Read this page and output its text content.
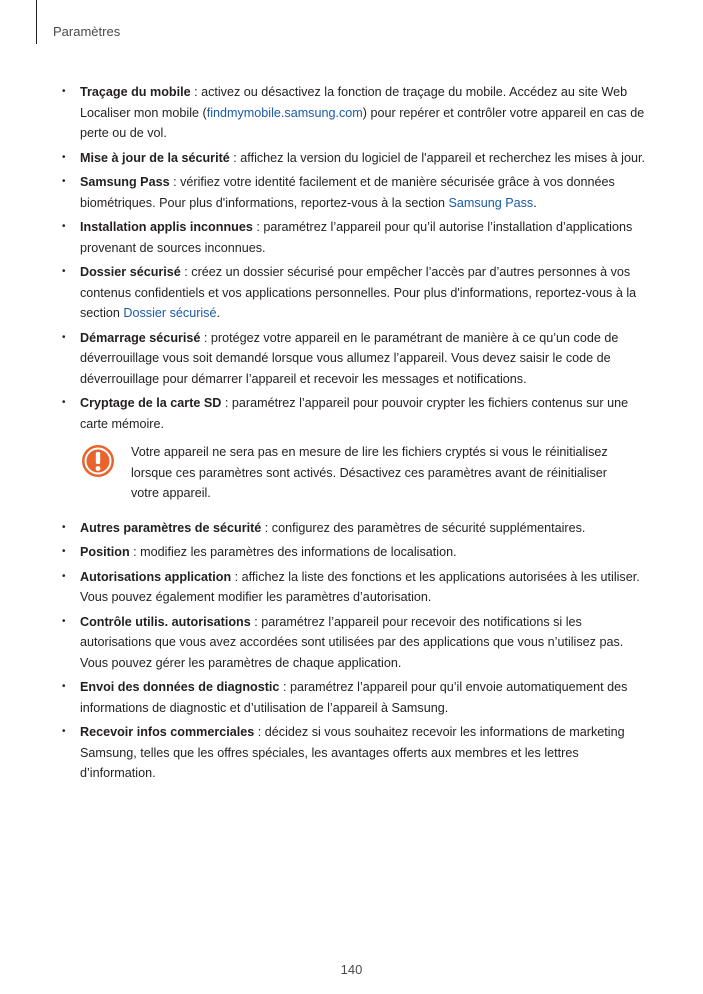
Paramètres
• Traçage du mobile : activez ou désactivez la fonction de traçage du mobile. Accédez au site Web Localiser mon mobile (findmymobile.samsung.com) pour repérer et contrôler votre appareil en cas de perte ou de vol.
• Mise à jour de la sécurité : affichez la version du logiciel de l'appareil et recherchez les mises à jour.
• Samsung Pass : vérifiez votre identité facilement et de manière sécurisée grâce à vos données biométriques. Pour plus d'informations, reportez-vous à la section Samsung Pass.
• Installation applis inconnues : paramétrez l’appareil pour qu’il autorise l’installation d’applications provenant de sources inconnues.
• Dossier sécurisé : créez un dossier sécurisé pour empêcher l’accès par d’autres personnes à vos contenus confidentiels et vos applications personnelles. Pour plus d'informations, reportez-vous à la section Dossier sécurisé.
• Démarrage sécurisé : protégez votre appareil en le paramétrant de manière à ce qu’un code de déverrouillage vous soit demandé lorsque vous allumez l’appareil. Vous devez saisir le code de déverrouillage pour démarrer l’appareil et recevoir les messages et notifications.
• Cryptage de la carte SD : paramétrez l’appareil pour pouvoir crypter les fichiers contenus sur une carte mémoire.
Votre appareil ne sera pas en mesure de lire les fichiers cryptés si vous le réinitialisez lorsque ces paramètres sont activés. Désactivez ces paramètres avant de réinitialiser votre appareil.
• Autres paramètres de sécurité : configurez des paramètres de sécurité supplémentaires.
• Position : modifiez les paramètres des informations de localisation.
• Autorisations application : affichez la liste des fonctions et les applications autorisées à les utiliser. Vous pouvez également modifier les paramètres d’autorisation.
• Contrôle utilis. autorisations : paramétrez l’appareil pour recevoir des notifications si les autorisations que vous avez accordées sont utilisées par des applications que vous n’utilisez pas. Vous pouvez gérer les paramètres de chaque application.
• Envoi des données de diagnostic : paramétrez l’appareil pour qu’il envoie automatiquement des informations de diagnostic et d’utilisation de l’appareil à Samsung.
• Recevoir infos commerciales : décidez si vous souhaitez recevoir les informations de marketing Samsung, telles que les offres spéciales, les avantages offerts aux membres et les lettres d’information.
140
